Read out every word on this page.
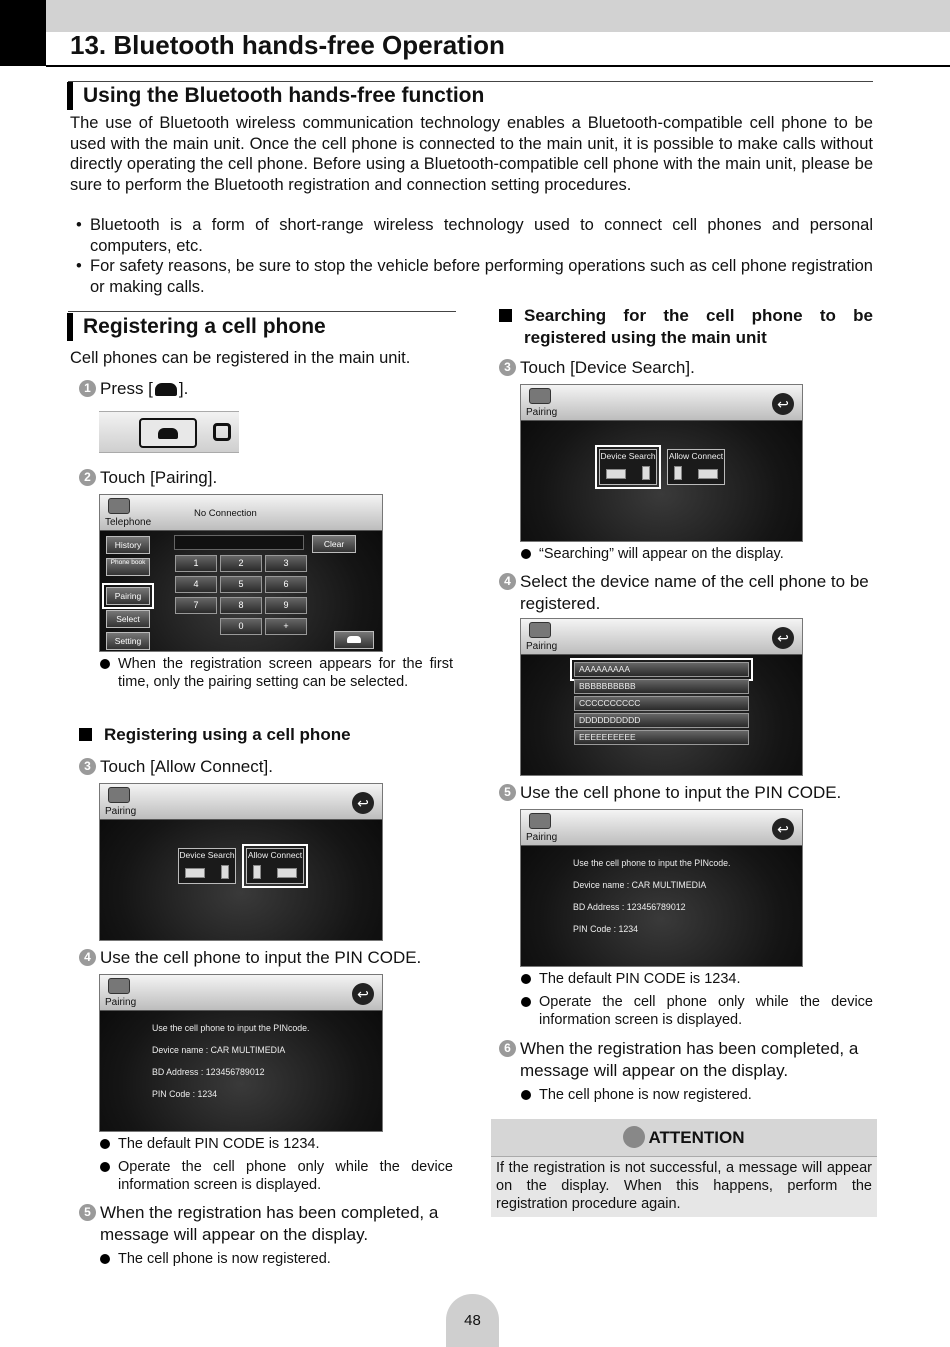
13. Bluetooth hands-free Operation
Using the Bluetooth hands-free function
The use of Bluetooth wireless communication technology enables a Bluetooth-compatible cell phone to be used with the main unit. Once the cell phone is connected to the main unit, it is possible to make calls without directly operating the cell phone. Before using a Bluetooth-compatible cell phone with the main unit, please be sure to perform the Bluetooth registration and connection setting procedures.
• Bluetooth is a form of short-range wireless technology used to connect cell phones and personal computers, etc.
• For safety reasons, be sure to stop the vehicle before performing operations such as cell phone registration or making calls.
Registering a cell phone
Cell phones can be registered in the main unit.
1 Press [ ].
2 Touch [Pairing].
Telephone
No Connection
Clear
History
Phone book
Pairing
Select
Setting
1	2	3
4	5	6
7	8	9
0	+
When the registration screen appears for the first time, only the pairing setting can be selected.
Registering using a cell phone
3 Touch [Allow Connect].
Pairing
↩
Device Search Allow Connect
4 Use the cell phone to input the PIN CODE.
Pairing
↩
Use the cell phone to input the PINcode.
Device name : CAR MULTIMEDIA
BD Address : 123456789012
PIN Code : 1234
The default PIN CODE is 1234.
Operate the cell phone only while the device information screen is displayed.
5 When the registration has been completed, a message will appear on the display.
The cell phone is now registered.
Searching for the cell phone to be registered using the main unit
3 Touch [Device Search].
Pairing
↩
Device Search Allow Connect
“Searching” will appear on the display.
4 Select the device name of the cell phone to be registered.
Pairing
↩
AAAAAAAAA
BBBBBBBBBB
CCCCCCCCCC
DDDDDDDDDD
EEEEEEEEEE
5 Use the cell phone to input the PIN CODE.
Pairing
↩
Use the cell phone to input the PINcode.
Device name : CAR MULTIMEDIA
BD Address : 123456789012
PIN Code : 1234
The default PIN CODE is 1234.
Operate the cell phone only while the device information screen is displayed.
6 When the registration has been completed, a message will appear on the display.
The cell phone is now registered.
ATTENTION
If the registration is not successful, a message will appear on the display. When this happens, perform the registration procedure again.
48
